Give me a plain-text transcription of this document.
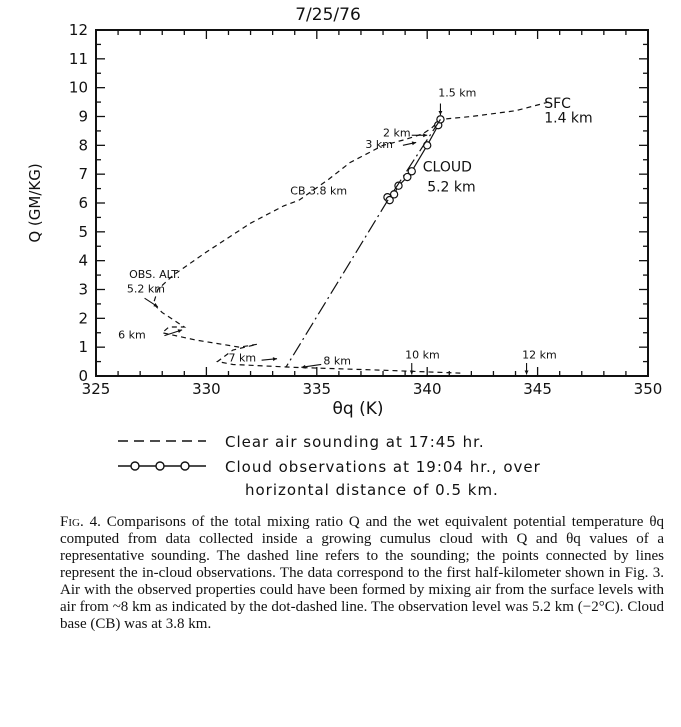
7/25/76
325	330	335	340	345	350
0
1
2
3
4
5
6
7
8
9
10
11
12
θq (K)
Q (GM/KG)
SFC
1.4 km
1.5 km
2 km
3 km
CLOUD
5.2 km
CB 3.8 km
OBS. ALT.
5.2 km
6 km
7 km	8 km	10 km	12 km
Clear air sounding at 17:45 hr.
Cloud observations at 19:04 hr., over
horizontal distance of 0.5 km.

Fig. 4. Comparisons of the total mixing ratio Q and the wet equivalent potential temperature θq computed from data collected inside a growing cumulus cloud with Q and θq values of a representative sounding. The dashed line refers to the sounding; the points connected by lines represent the in-cloud observations. The data correspond to the first half-kilometer shown in Fig. 3. Air with the observed properties could have been formed by mixing air from the surface levels with air from ~8 km as indicated by the dot-dashed line. The observation level was 5.2 km (−2°C). Cloud base (CB) was at 3.8 km.
